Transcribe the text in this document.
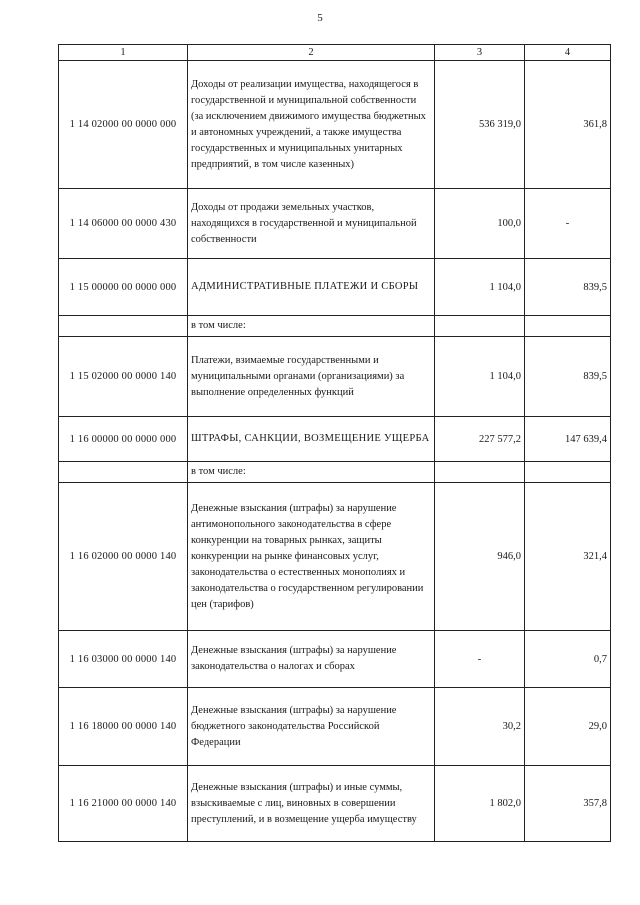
5
1	2	3	4
1 14 02000 00 0000 000	Доходы от реализации имущества, находящегося в государственной и муниципальной собственности (за исключением движимого имущества бюджетных и автономных учреждений, а также имущества государственных и муниципальных унитарных предприятий, в том числе казенных)	536 319,0	361,8
1 14 06000 00 0000 430	Доходы от продажи земельных участков, находящихся в государственной и муниципальной собственности	100,0	-
1 15 00000 00 0000 000	АДМИНИСТРАТИВНЫЕ ПЛАТЕЖИ И СБОРЫ	1 104,0	839,5
	в том числе:		
1 15 02000 00 0000 140	Платежи, взимаемые государственными и муниципальными органами (организациями) за выполнение определенных функций	1 104,0	839,5
1 16 00000 00 0000 000	ШТРАФЫ, САНКЦИИ, ВОЗМЕЩЕНИЕ УЩЕРБА	227 577,2	147 639,4
	в том числе:		
1 16 02000 00 0000 140	Денежные взыскания (штрафы) за нарушение антимонопольного законодательства в сфере конкуренции на товарных рынках, защиты конкуренции на рынке финансовых услуг, законодательства о естественных монополиях и законодательства о государственном регулировании цен (тарифов)	946,0	321,4
1 16 03000 00 0000 140	Денежные взыскания (штрафы) за нарушение законодательства о налогах и сборах	-	0,7
1 16 18000 00 0000 140	Денежные взыскания (штрафы) за нарушение бюджетного законодательства Российской Федерации	30,2	29,0
1 16 21000 00 0000 140	Денежные взыскания (штрафы) и иные суммы, взыскиваемые с лиц, виновных в совершении преступлений, и в возмещение ущерба имуществу	1 802,0	357,8
